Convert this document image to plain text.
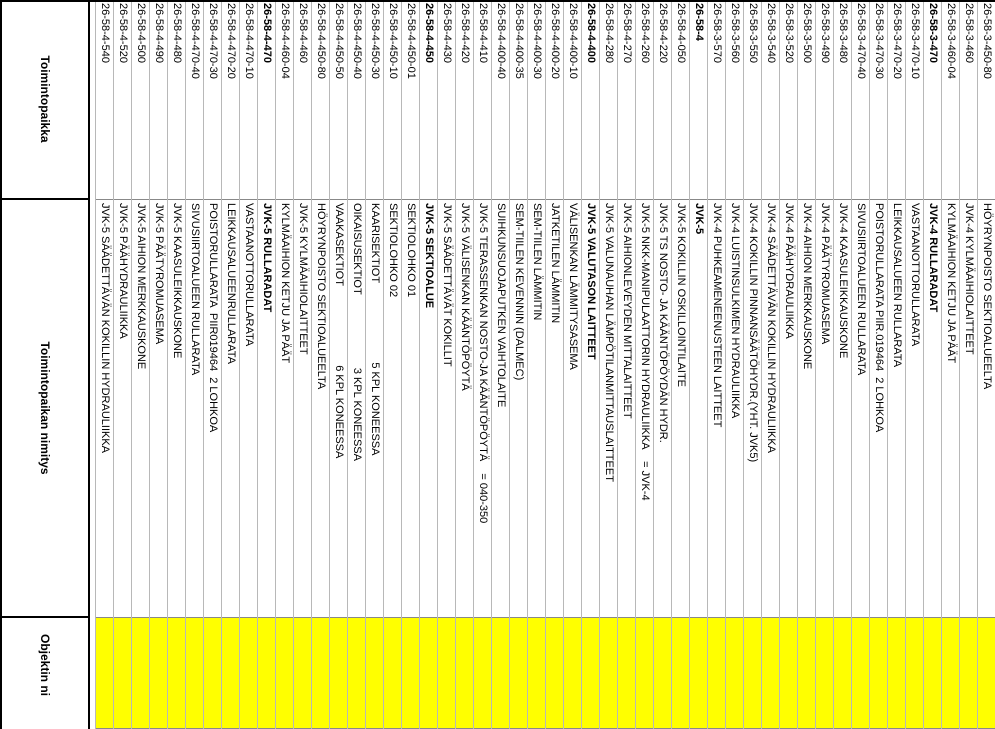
26-58-3-450-80
HÖYRYNPOISTO SEKTIOALUEELTA
26-58-3-460
JVK-4 KYLMÄAIHIOLAITTEET
26-58-3-460-04
KYLMÄAIHION KETJU JA PÄÄT
26-58-3-470
JVK-4 RULLARADAT
26-58-3-470-10
VASTAANOTTORULLARATA
26-58-3-470-20
LEIKKAUSALUEEN RULLARATA
26-58-3-470-30
POISTORULLARATA PIIR.019464  2 LOHKOA
26-58-3-470-40
SIVUSIIRTOALUEEN RULLARATA
26-58-3-480
JVK-4 KAASULEIKKAUSKONE
26-58-3-490
JVK-4 PÄÄTYROMUASEMA
26-58-3-500
JVK-4 AIHION MERKKAUSKONE
26-58-3-520
JVK-4 PÄÄHYDRAULIIKKA
26-58-3-540
JVK-4 SÄÄDETTÄVÄN KOKILLIN HYDRAULIIKKA
26-58-3-550
JVK-4 KOKILLIN PINNANSÄÄTÖHYDR.(YHT. JVK5)
26-58-3-560
JVK-4 LUISTINSULKIMEN HYDRAULIIKKA
26-58-3-570
JVK-4 PUHKEAMENEENUSTEEN LAITTEET
26-58-4
JVK-5
26-58-4-050
JVK-5 KOKILLIN OSKILLOINTILAITE
26-58-4-220
JVK-5 TS NOSTO- JA KÄÄNTÖPÖYDÄN HYDR.
26-58-4-260
JVK-5 NKK-MANIPULAATTORIN HYDRAULIIKKA    = JVK-4
26-58-4-270
JVK-5 AIHIONLEVEYDEN MITTALAITTEET
26-58-4-280
JVK-5 VALUNAUHAN LÄMPÖTILANMITTAUSLAITTEET
26-58-4-400
JVK-5 VALUTASON LAITTEET
26-58-4-400-10
VÄLISENKAN LÄMMITYSASEMA
26-58-4-400-20
JATKETILEN LÄMMITIN
26-58-4-400-30
SEM-TIILEN LÄMMITIN
26-58-4-400-35
SEM-TIILEN KEVENNIN (DALMEC)
26-58-4-400-40
SUIHKUNSUOJAPUTKEN VAIHTOLAITE
26-58-4-410
JVK-5 TERASSENKAN NOSTO-JA KÄÄNTÖPÖYTÄ    = 040-350
26-58-4-420
JVK-5 VÄLISENKAN KÄÄNTÖPÖYTÄ
26-58-4-430
JVK-5 SÄÄDETTÄVÄT KOKILLIT
26-58-4-450
JVK-5 SEKTIOALUE
26-58-4-450-01
SEKTIOLOHKO 01
26-58-4-450-10
SEKTIOLOHKO 02
26-58-4-450-30
KAARISEKTIOT                          5 KPL KONEESSA
26-58-4-450-40
OIKAISUSEKTIOT                        3 KPL KONEESSA
26-58-4-450-50
VAAKASEKTIOT                          6 KPL KONEESSA
26-58-4-450-80
HÖYRYNPOISTO SEKTIOALUEELTA
26-58-4-460
JVK-5 KYLMÄAIHIOLAITTEET
26-58-4-460-04
KYLMÄAIHION KETJU JA PÄÄT
26-58-4-470
JVK-5 RULLARADAT
26-58-4-470-10
VASTAANOTTORULLARATA
26-58-4-470-20
LEIKKAUSALUEENRULLARATA
26-58-4-470-30
POISTORULLARATA  PIIR019464  2 LOHKOA
26-58-4-470-40
SIVUSIIRTOALUEEN RULLARATA
26-58-4-480
JVK-5 KAASULEIKKAUSKONE
26-58-4-490
JVK-5 PÄÄTYROMUASEMA
26-58-4-500
JVK-5 AIHION MERKKAUSKONE
26-58-4-520
JVK-5 PÄÄHYDRAULIIKKA
26-58-4-540
JVK-5 SÄÄDETTÄVÄN KOKILLIN HYDRAULIIKKA
Toimintopaikka
Toimintopaikan nimitys
Objektin ni
